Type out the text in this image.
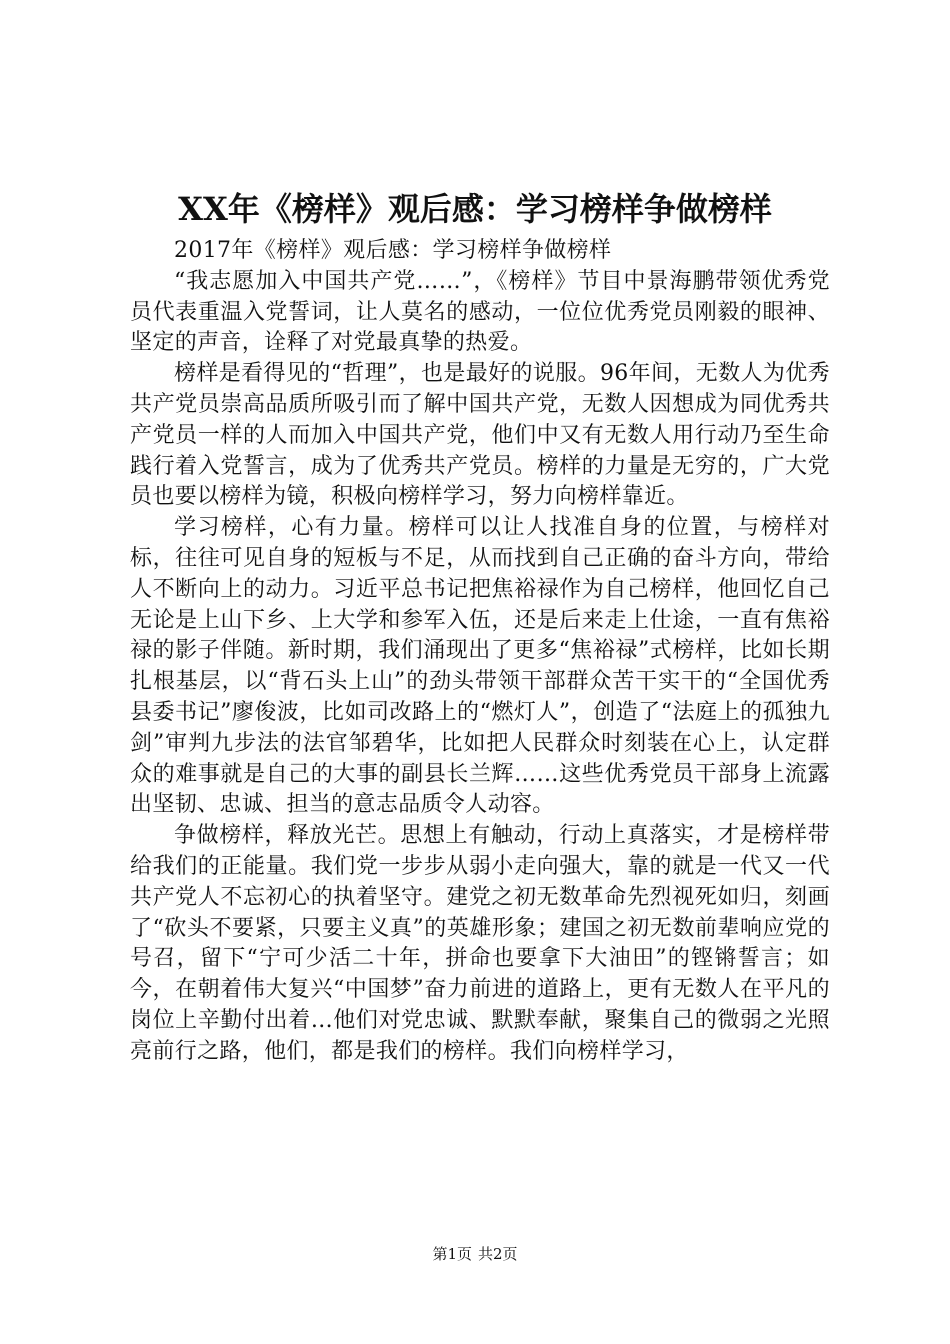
XX年《榜样》观后感：学习榜样争做榜样

2017年《榜样》观后感：学习榜样争做榜样

“我志愿加入中国共产党……”，《榜样》节目中景海鹏带领优秀党员代表重温入党誓词，让人莫名的感动，一位位优秀党员刚毅的眼神、坚定的声音，诠释了对党最真挚的热爱。

榜样是看得见的“哲理”，也是最好的说服。96年间，无数人为优秀共产党员崇高品质所吸引而了解中国共产党，无数人因想成为同优秀共产党员一样的人而加入中国共产党，他们中又有无数人用行动乃至生命践行着入党誓言，成为了优秀共产党员。榜样的力量是无穷的，广大党员也要以榜样为镜，积极向榜样学习，努力向榜样靠近。

学习榜样，心有力量。榜样可以让人找准自身的位置，与榜样对标，往往可见自身的短板与不足，从而找到自己正确的奋斗方向，带给人不断向上的动力。习近平总书记把焦裕禄作为自己榜样，他回忆自己无论是上山下乡、上大学和参军入伍，还是后来走上仕途，一直有焦裕禄的影子伴随。新时期，我们涌现出了更多“焦裕禄”式榜样，比如长期扎根基层，以“背石头上山”的劲头带领干部群众苦干实干的“全国优秀县委书记”廖俊波，比如司改路上的“燃灯人”，创造了“法庭上的孤独九剑”审判九步法的法官邹碧华，比如把人民群众时刻装在心上，认定群众的难事就是自己的大事的副县长兰辉……这些优秀党员干部身上流露出坚韧、忠诚、担当的意志品质令人动容。

争做榜样，释放光芒。思想上有触动，行动上真落实，才是榜样带给我们的正能量。我们党一步步从弱小走向强大，靠的就是一代又一代共产党人不忘初心的执着坚守。建党之初无数革命先烈视死如归，刻画了“砍头不要紧，只要主义真”的英雄形象；建国之初无数前辈响应党的号召，留下“宁可少活二十年，拼命也要拿下大油田”的铿锵誓言；如今，在朝着伟大复兴“中国梦”奋力前进的道路上，更有无数人在平凡的岗位上辛勤付出着…他们对党忠诚、默默奉献，聚集自己的微弱之光照亮前行之路，他们，都是我们的榜样。我们向榜样学习，

第1页 共2页
